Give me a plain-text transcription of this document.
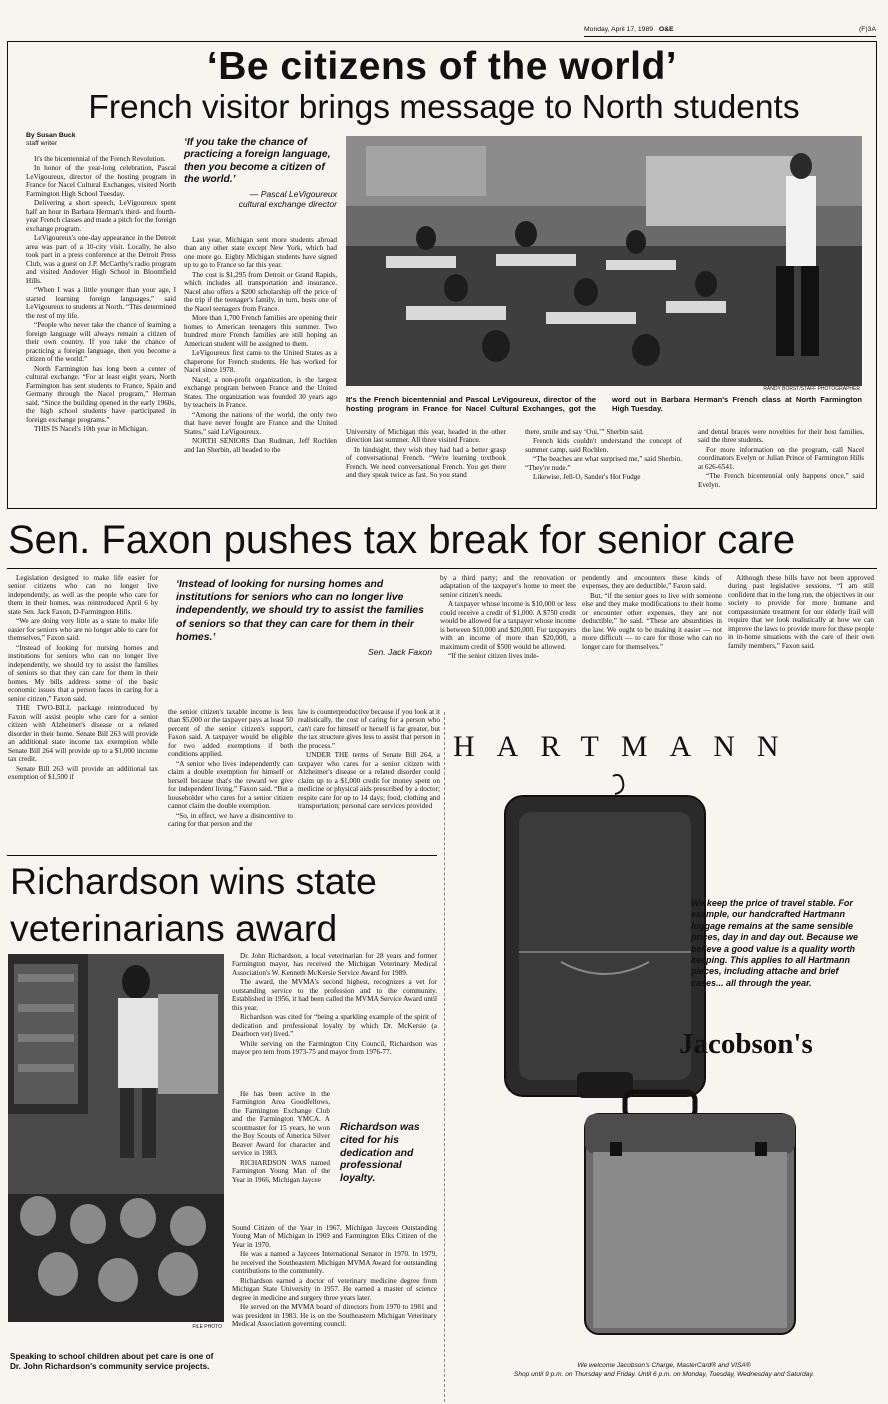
Monday, April 17, 1989 O&E	(F)3A
‘Be citizens of the world’
French visitor brings message to North students
By Susan Buck
staff writer

It's the bicentennial of the French Revolution.

In honor of the year-long celebration, Pascal LeVigoureux, director of the hosting program in France for Nacel Cultural Exchanges, visited North Farmington High School Tuesday.

Delivering a short speech, LeVigoureux spent half an hour in Barbara Herman's third- and fourth-year French classes and made a pitch for the foreign exchange program.

LeVigoureux's one-day appearance in the Detroit area was part of a 10-city visit. Locally, he also took part in a press conference at the Detroit Press Club, was a guest on J.P. McCarthy's radio program and visited Andover High School in Bloomfield Hills.

“When I was a little younger than your age, I started learning foreign languages,” said LeVigoureux to students at North. “This determined the rest of my life.

“People who never take the chance of learning a foreign language will always remain a citizen of their own country. If you take the chance of practicing a foreign language, then you become a citizen of the world.”

North Farmington has long been a center of cultural exchange. “For at least eight years, North Farmington has sent students to France, Spain and Germany through the Nacel program,” Herman said. “Since the building opened in the early 1960s, the high school students have participated in foreign exchange programs.”

THIS IS Nacel's 10th year in Michigan.

‘If you take the chance of practicing a foreign language, then you become a citizen of the world.’
— Pascal LeVigoureux
cultural exchange director

Last year, Michigan sent more students abroad than any other state except New York, which had one more go. Eighty Michigan students have signed up to go to France so far this year.

The cost is $1,295 from Detroit or Grand Rapids, which includes all transportation and insurance. Nacel also offers a $200 scholarship off the price of the trip if the teenager's family, in turn, hosts one of the Nacel teenagers from France.

More than 1,700 French families are opening their homes to American teenagers this summer. Two hundred more French families are still hoping an American student will be assigned to them.

LeVigoureux first came to the United States as a chaperone for French students. He has worked for Nacel since 1978.

Nacel, a non-profit organization, is the largest exchange program between France and the United States. The organization was founded 30 years ago by teachers in France.

“Among the nations of the world, the only two that have never fought are France and the United States,” said LeVigoureux.

NORTH SENIORS Dan Rudman, Jeff Rochlen and Ian Sherbin, all headed to the

RANDY BORST/STAFF PHOTOGRAPHER
It's the French bicentennial and Pascal LeVigoureux, director of the hosting program in France for Nacel Cultural Exchanges, got the word out in Barbara Herman's French class at North Farmington High Tuesday.

University of Michigan this year, headed in the other direction last summer. All three visited France.

In hindsight, they wish they had had a better grasp of conversational French. “We're learning textbook French. We need conversational French. You get there and they speak twice as fast. So you stand

there, smile and say ‘Oui,’” Sherbin said.

French kids couldn't understand the concept of summer camp, said Rochlen.

“The beaches are what surprised me,” said Sherbin. “They're nude.”

Likewise, Jell-O, Sander's Hot Fudge

and dental braces were novelties for their host families, said the three students.

For more information on the program, call Nacel coordinators Evelyn or Julian Prince of Farmington Hills at 626-6541.

“The French bicentennial only happens once,” said Evelyn.

Sen. Faxon pushes tax break for senior care

Legislation designed to make life easier for senior citizens who can no longer live independently, as well as the people who care for them in their homes, was reintroduced April 6 by state Sen. Jack Faxon, D-Farmington Hills.

“We are doing very little as a state to make life easier for seniors who are no longer able to care for themselves,” Faxon said.

“Instead of looking for nursing homes and institutions for seniors who can no longer live independently, we should try to assist the families of seniors so that they can care for them in their homes. My bills address some of the basic economic issues that a person faces in caring for a senior citizen,” Faxon said.

THE TWO-BILL package reintroduced by Faxon will assist people who care for a senior citizen with Alzheimer's disease or a related disorder in their home. Senate Bill 263 will provide an additional state income tax exemption while Senate Bill 264 will provide up to a $1,000 income tax credit.

Senate Bill 263 will provide an additional tax exemption of $1,500 if

‘Instead of looking for nursing homes and institutions for seniors who can no longer live independently, we should try to assist the families of seniors so that they can care for them in their homes.’
Sen. Jack Faxon

the senior citizen's taxable income is less than $5,000 or the taxpayer pays at least 50 percent of the senior citizen's support, Faxon said. A taxpayer would be eligible for two added exemptions if both conditions applied.

“A senior who lives independently can claim a double exemption for himself or herself because that's the reward we give for independent living,” Faxon said. “But a householder who cares for a senior citizen cannot claim the double exemption.

“So, in effect, we have a disincentive to caring for that person and the

law is counterproductive because if you look at it realistically, the cost of caring for a person who can't care for himself or herself is far greater, but the tax structure gives less to assist that person in the process.”

UNDER THE terms of Senate Bill 264, a taxpayer who cares for a senior citizen with Alzheimer's disease or a related disorder could claim up to a $1,000 credit for money spent on medicine or physical aids prescribed by a doctor; respite care for up to 14 days; food, clothing and transportation; personal care services provided

by a third party; and the renovation or adaptation of the taxpayer's home to meet the senior citizen's needs.

A taxpayer whose income is $10,000 or less could receive a credit of $1,000. A $750 credit would be allowed for a taxpayer whose income is between $10,000 and $20,000. For taxpayers with an income of more than $20,000, a maximum credit of $500 would be allowed.

“If the senior citizen lives inde-

pendently and encounters these kinds of expenses, they are deductible,” Faxon said.

But, “if the senior goes to live with someone else and they make modifications to their home or encounter other expenses, they are not deductible,” he said. “These are absurdities in the law. We ought to be making it easier — not more difficult — to care for those who can no longer care for themselves.”

Although these bills have not been approved during past legislative sessions, “I am still confident that in the long run, the objectives in our society to provide for more humane and compassionate treatment for our elderly frail will require that we look realistically at how we can improve the laws to provide more for these people in in-home situations with the care of their own family members,” Faxon said.

Richardson wins state
veterinarians award
FILE PHOTO
Speaking to school children about pet care is one of Dr. John Richardson's community service projects.

Dr. John Richardson, a local veterinarian for 28 years and former Farmington mayor, has received the Michigan Veterinary Medical Association's W. Kenneth McKersie Service Award for 1989.

The award, the MVMA's second highest, recognizes a vet for outstanding service to the profession and to the community. Established in 1956, it had been called the MVMA Service Award until this year.

Richardson was cited for “being a sparkling example of the spirit of dedication and professional loyalty by which Dr. McKersie (a Dearborn vet) lived.”

While serving on the Farmington City Council, Richardson was mayor pro tem from 1973-75 and mayor from 1976-77.

He has been active in the Farmington Area Goodfellows, the Farmington Exchange Club and the Farmington YMCA. A scoutmaster for 15 years, he won the Boy Scouts of America Silver Beaver Award for character and service in 1983.

RICHARDSON WAS named Farmington Young Man of the Year in 1966, Michigan Jaycee

Richardson was cited for his dedication and professional loyalty.

Sound Citizen of the Year in 1967, Michigan Jaycees Outstanding Young Man of Michigan in 1969 and Farmington Elks Citizen of the Year in 1970.

He was a named a Jaycees International Senator in 1970. In 1979, he received the Southeastern Michigan MVMA Award for outstanding contributions to the community.

Richardson earned a doctor of veterinary medicine degree from Michigan State University in 1957. He earned a master of science degree in medicine and surgery three years later.

He served on the MVMA board of directors from 1970 to 1981 and was president in 1983. He is on the Southeastern Michigan Veterinary Medical Association governing council.

HARTMANN
We keep the price of travel stable. For example, our handcrafted Hartmann luggage remains at the same sensible prices, day in and day out. Because we believe a good value is a quality worth keeping. This applies to all Hartmann pieces, including attache and brief cases... all through the year.
Jacobson's
We welcome Jacobson's Charge, MasterCard® and VISA®
Shop until 9 p.m. on Thursday and Friday. Until 6 p.m. on Monday, Tuesday, Wednesday and Saturday.
